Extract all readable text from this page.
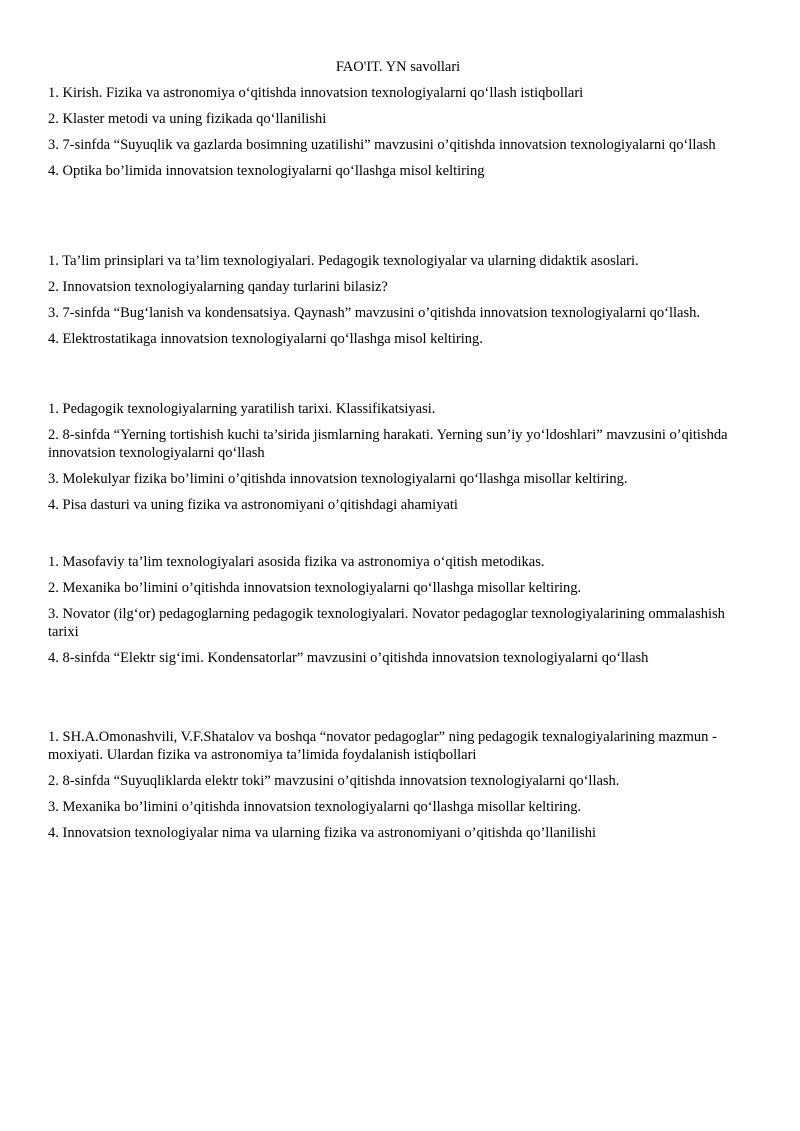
FAO'IT. YN savollari

1. Kirish. Fizika va astronomiya o‘qitishda innovatsion texnologiyalarni qo‘llash istiqbollari

2. Klaster metodi va uning fizikada qo‘llanilishi

3. 7-sinfda “Suyuqlik va gazlarda bosimning uzatilishi” mavzusini o’qitishda innovatsion texnologiyalarni qo‘llash

4. Optika bo’limida innovatsion texnologiyalarni qo‘llashga misol keltiring

1. Ta’lim prinsiplari va ta’lim texnologiyalari. Pedagogik texnologiyalar va ularning didaktik asoslari.

2. Innovatsion texnologiyalarning qanday turlarini bilasiz?

3. 7-sinfda “Bug‘lanish va kondensatsiya. Qaynash” mavzusini o’qitishda innovatsion texnologiyalarni qo‘llash.

4. Elektrostatikaga innovatsion texnologiyalarni qo‘llashga misol keltiring.

1. Pedagogik texnologiyalarning yaratilish tarixi. Klassifikatsiyasi.

2. 8-sinfda “Yerning tortishish kuchi ta’sirida jismlarning harakati. Yerning sun’iy yo‘ldoshlari” mavzusini o’qitishda innovatsion texnologiyalarni qo‘llash

3. Molekulyar fizika bo’limini o’qitishda innovatsion texnologiyalarni qo‘llashga misollar keltiring.

4. Pisa dasturi va uning fizika va astronomiyani o’qitishdagi ahamiyati

1. Masofaviy ta’lim texnologiyalari asosida fizika va astronomiya o‘qitish metodikas.

2. Mexanika bo’limini o’qitishda innovatsion texnologiyalarni qo‘llashga misollar keltiring.

3. Novator (ilg‘or) pedagoglarning pedagogik texnologiyalari. Novator pedagoglar texnologiyalarining ommalashish tarixi

4. 8-sinfda “Elektr sig‘imi. Kondensatorlar” mavzusini o’qitishda innovatsion texnologiyalarni qo‘llash

1. SH.A.Omonashvili, V.F.Shatalov va boshqa “novator pedagoglar” ning pedagogik texnalogiyalarining mazmun - moxiyati. Ulardan fizika va astronomiya ta’limida foydalanish istiqbollari

2. 8-sinfda “Suyuqliklarda elektr toki” mavzusini o’qitishda innovatsion texnologiyalarni qo‘llash.

3. Mexanika bo’limini o’qitishda innovatsion texnologiyalarni qo‘llashga misollar keltiring.

4. Innovatsion texnologiyalar nima va ularning fizika va astronomiyani o’qitishda qo’llanilishi
